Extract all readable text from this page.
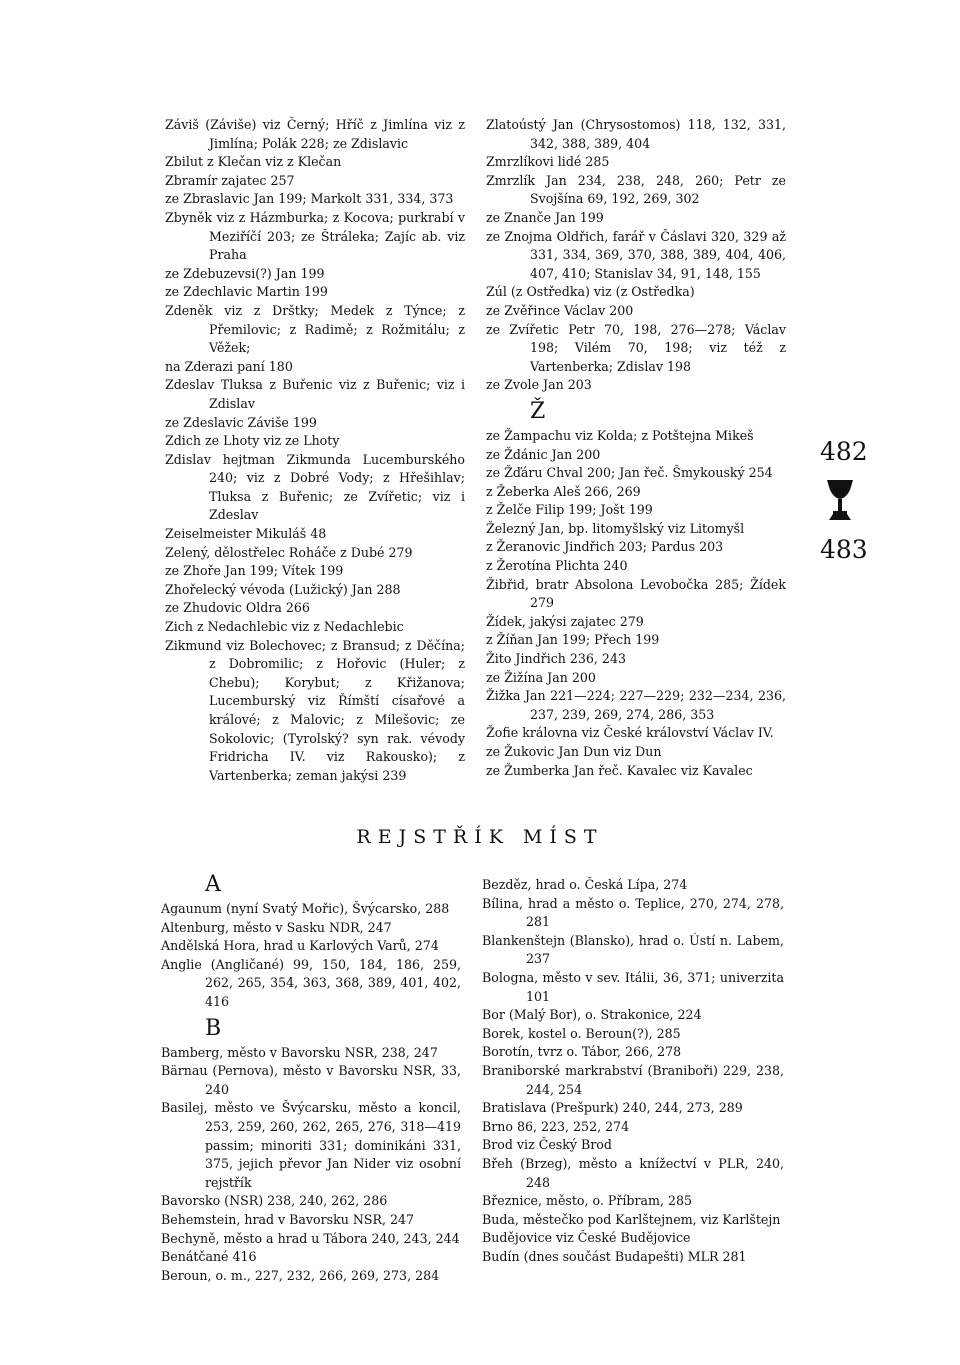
Záviš (Záviše) viz Černý; Hříč z Jimlína viz z Jimlína; Polák 228; ze Zdislavic

Zbilut z Klečan viz z Klečan

Zbramír zajatec 257

ze Zbraslavic Jan 199; Markolt 331, 334, 373

Zbyněk viz z Házmburka; z Kocova; purkrabí v Meziříčí 203; ze Štráleka; Zajíc ab. viz Praha

ze Zdebuzevsi(?) Jan 199

ze Zdechlavic Martin 199

Zdeněk viz z Drštky; Medek z Týnce; z Přemilovic; z Radimě; z Rožmitálu; z Věžek;

na Zderazi paní 180

Zdeslav Tluksa z Buřenic viz z Buřenic; viz i Zdislav

ze Zdeslavic Záviše 199

Zdich ze Lhoty viz ze Lhoty

Zdislav hejtman Zikmunda Lucemburského 240; viz z Dobré Vody; z Hřešihlav; Tluksa z Buřenic; ze Zvířetic; viz i Zdeslav

Zeiselmeister Mikuláš 48

Zelený, dělostřelec Roháče z Dubé 279

ze Zhoře Jan 199; Vítek 199

Zhořelecký vévoda (Lužický) Jan 288

ze Zhudovic Oldra 266

Zich z Nedachlebic viz z Nedachlebic

Zikmund viz Bolechovec; z Bransud; z Děčína; z Dobromilic; z Hořovic (Huler; z Chebu); Korybut; z Křižanova; Lucemburský viz Římští císařové a králové; z Malovic; z Milešovic; ze Sokolovic; (Tyrolský? syn rak. vévody Fridricha IV. viz Rakousko); z Vartenberka; zeman jakýsi 239

Zlatoústý Jan (Chrysostomos) 118, 132, 331, 342, 388, 389, 404

Zmrzlíkovi lidé 285

Zmrzlík Jan 234, 238, 248, 260; Petr ze Svojšína 69, 192, 269, 302

ze Znanče Jan 199

ze Znojma Oldřich, farář v Čáslavi 320, 329 až 331, 334, 369, 370, 388, 389, 404, 406, 407, 410; Stanislav 34, 91, 148, 155

Zúl (z Ostředka) viz (z Ostředka)

ze Zvěřince Václav 200

ze Zvířetic Petr 70, 198, 276—278; Václav 198; Vilém 70, 198; viz též z Vartenberka; Zdislav 198

ze Zvole Jan 203

Ž

ze Žampachu viz Kolda; z Potštejna Mikeš

ze Ždánic Jan 200

ze Žďáru Chval 200; Jan řeč. Šmykouský 254

z Žeberka Aleš 266, 269

z Želče Filip 199; Jošt 199

Železný Jan, bp. litomyšlský viz Litomyšl

z Žeranovic Jindřich 203; Pardus 203

z Žerotína Plichta 240

Žibřid, bratr Absolona Levobočka 285; Žídek 279

Žídek, jakýsi zajatec 279

z Žíňan Jan 199; Přech 199

Žito Jindřich 236, 243

ze Žižína Jan 200

Žižka Jan 221—224; 227—229; 232—234, 236, 237, 239, 269, 274, 286, 353

Žofie královna viz České království Václav IV.

ze Žukovic Jan Dun viz Dun

ze Žumberka Jan řeč. Kavalec viz Kavalec

482
483
REJSTŘÍK MÍST
A

Agaunum (nyní Svatý Mořic), Švýcarsko, 288

Altenburg, město v Sasku NDR, 247

Andělská Hora, hrad u Karlových Varů, 274

Anglie (Angličané) 99, 150, 184, 186, 259, 262, 265, 354, 363, 368, 389, 401, 402, 416

B

Bamberg, město v Bavorsku NSR, 238, 247

Bärnau (Pernova), město v Bavorsku NSR, 33, 240

Basilej, město ve Švýcarsku, město a koncil, 253, 259, 260, 262, 265, 276, 318—419 passim; minoriti 331; dominikáni 331, 375, jejich převor Jan Nider viz osobní rejstřík

Bavorsko (NSR) 238, 240, 262, 286

Behemstein, hrad v Bavorsku NSR, 247

Bechyně, město a hrad u Tábora 240, 243, 244

Benátčané 416

Beroun, o. m., 227, 232, 266, 269, 273, 284

Bezděz, hrad o. Česká Lípa, 274

Bílina, hrad a město o. Teplice, 270, 274, 278, 281

Blankenštejn (Blansko), hrad o. Ústí n. Labem, 237

Bologna, město v sev. Itálii, 36, 371; univerzita 101

Bor (Malý Bor), o. Strakonice, 224

Borek, kostel o. Beroun(?), 285

Borotín, tvrz o. Tábor, 266, 278

Braniborské markrabství (Braniboři) 229, 238, 244, 254

Bratislava (Prešpurk) 240, 244, 273, 289

Brno 86, 223, 252, 274

Brod viz Český Brod

Břeh (Brzeg), město a knížectví v PLR, 240, 248

Březnice, město, o. Příbram, 285

Buda, městečko pod Karlštejnem, viz Karlštejn

Budějovice viz České Budějovice

Budín (dnes součást Budapešti) MLR 281
